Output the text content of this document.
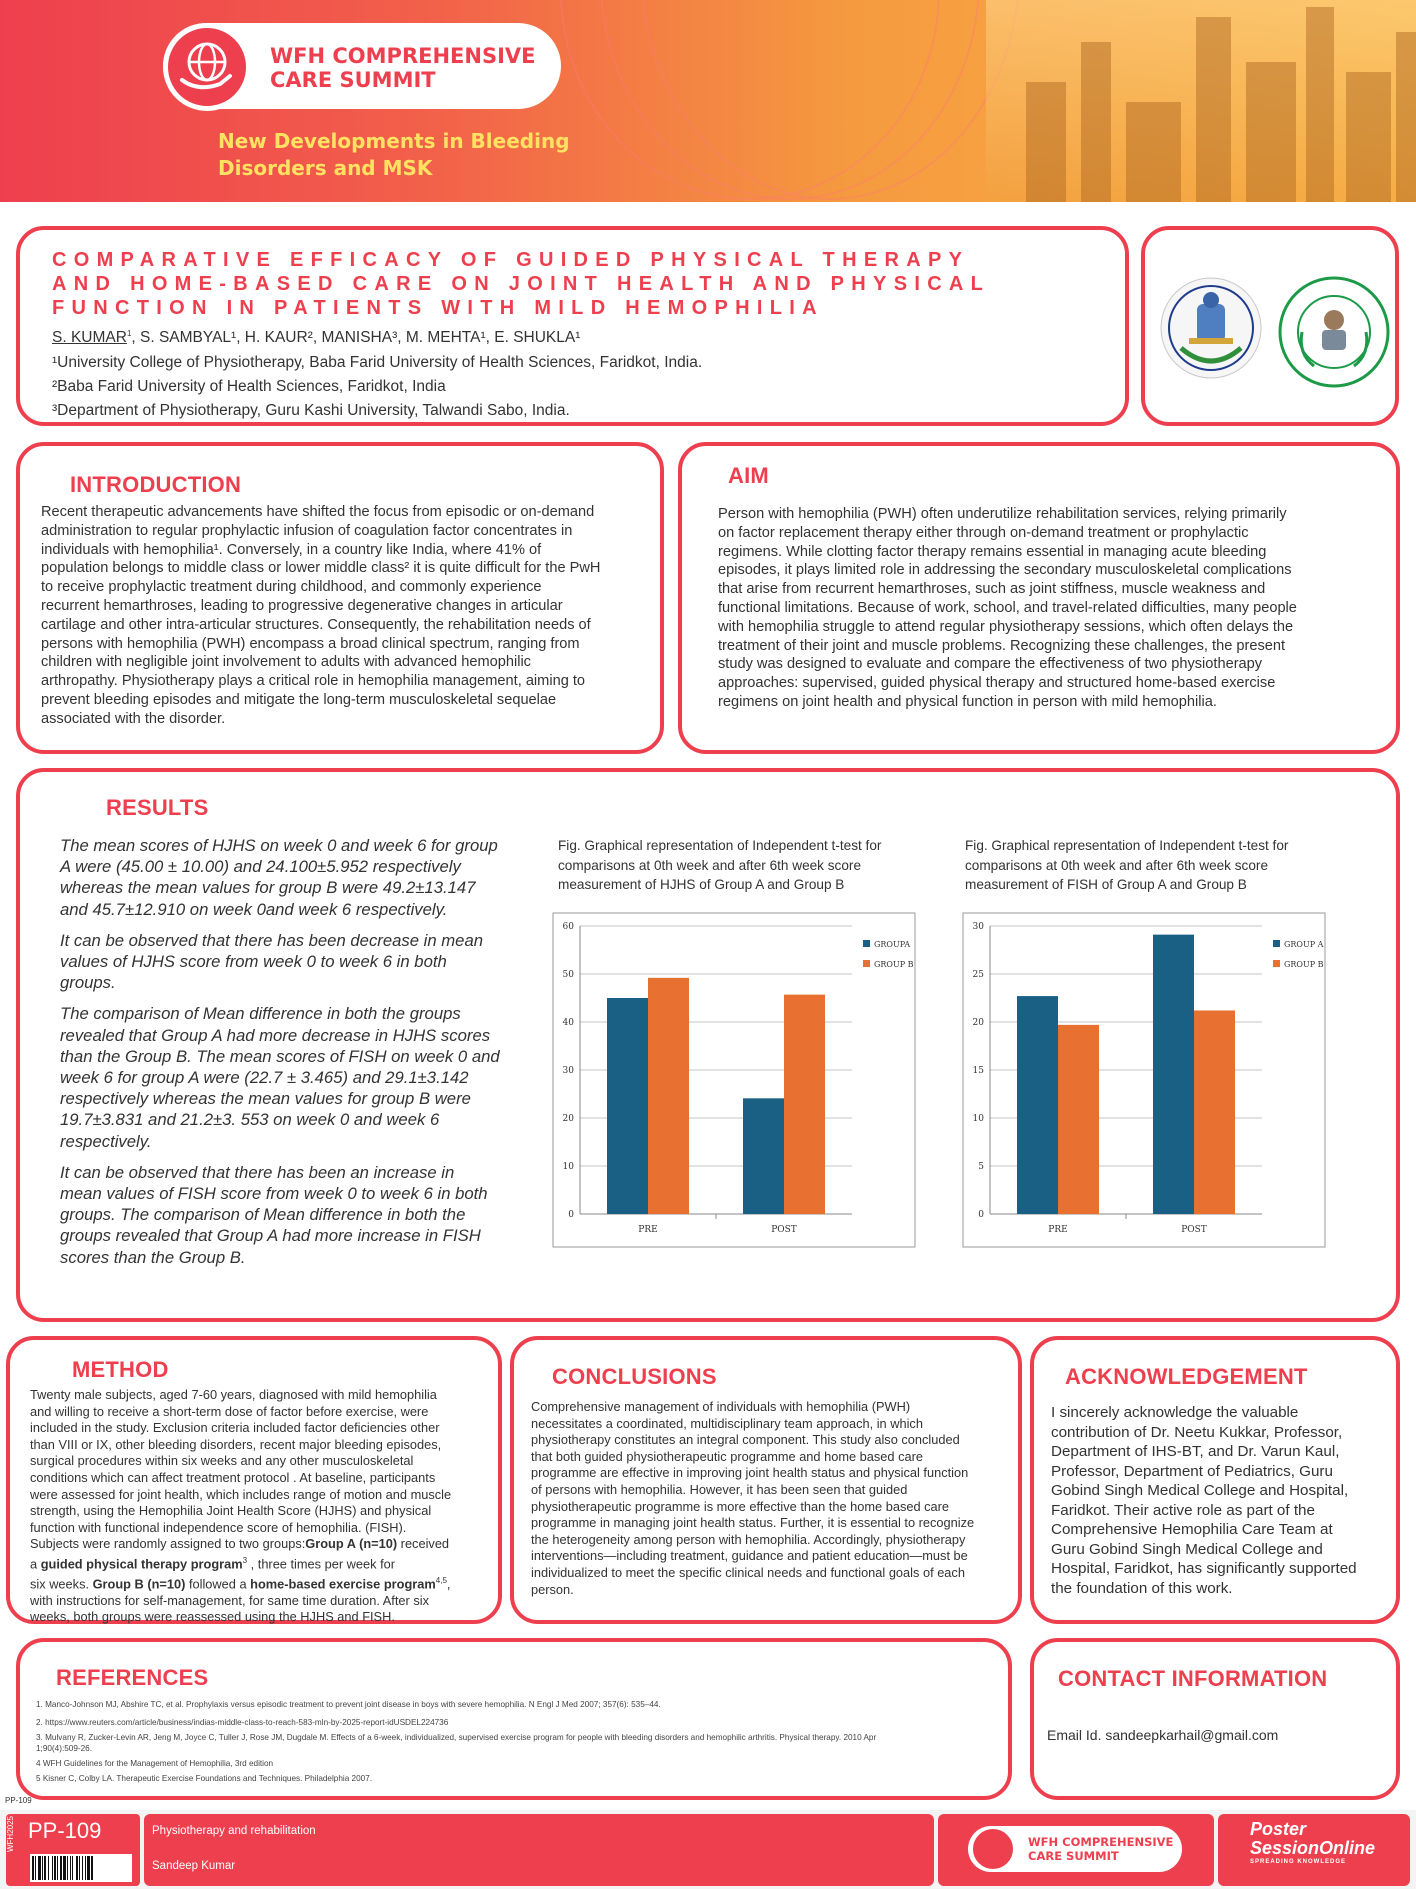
WFH COMPREHENSIVE
CARE SUMMIT
New Developments in Bleeding
Disorders and MSK
COMPARATIVE EFFICACY OF GUIDED PHYSICAL THERAPY
AND HOME-BASED CARE ON JOINT HEALTH AND PHYSICAL
FUNCTION IN PATIENTS WITH MILD HEMOPHILIA
S. KUMAR$^1$, S. SAMBYAL¹, H. KAUR², MANISHA³, M. MEHTA¹, E. SHUKLA¹
¹University College of Physiotherapy, Baba Farid University of Health Sciences, Faridkot, India.
²Baba Farid University of Health Sciences, Faridkot, India
³Department of Physiotherapy, Guru Kashi University, Talwandi Sabo, India.
INTRODUCTION
Recent therapeutic advancements have shifted the focus from episodic or on-demand
administration to regular prophylactic infusion of coagulation factor concentrates in
individuals with hemophilia¹. Conversely, in a country like India, where 41% of
population belongs to middle class or lower middle class² it is quite difficult for the PwH
to receive prophylactic treatment during childhood, and commonly experience
recurrent hemarthroses, leading to progressive degenerative changes in articular
cartilage and other intra-articular structures. Consequently, the rehabilitation needs of
persons with hemophilia (PWH) encompass a broad clinical spectrum, ranging from
children with negligible joint involvement to adults with advanced hemophilic
arthropathy. Physiotherapy plays a critical role in hemophilia management, aiming to
prevent bleeding episodes and mitigate the long-term musculoskeletal sequelae
associated with the disorder.
AIM
Person with hemophilia (PWH) often underutilize rehabilitation services, relying primarily
on factor replacement therapy either through on-demand treatment or prophylactic
regimens. While clotting factor therapy remains essential in managing acute bleeding
episodes, it plays limited role in addressing the secondary musculoskeletal complications
that arise from recurrent hemarthroses, such as joint stiffness, muscle weakness and
functional limitations. Because of work, school, and travel-related difficulties, many people
with hemophilia struggle to attend regular physiotherapy sessions, which often delays the
treatment of their joint and muscle problems. Recognizing these challenges, the present
study was designed to evaluate and compare the effectiveness of two physiotherapy
approaches: supervised, guided physical therapy and structured home-based exercise
regimens on joint health and physical function in person with mild hemophilia.
RESULTS

The mean scores of HJHS on week 0 and week 6 for group A were (45.00 ± 10.00) and 24.100±5.952 respectively whereas the mean values for group B were 49.2±13.147 and 45.7±12.910 on week 0and week 6 respectively.

It can be observed that there has been decrease in mean values of HJHS score from week 0 to week 6 in both groups.

The comparison of Mean difference in both the groups revealed that Group A had more decrease in HJHS scores than the Group B. The mean scores of FISH on week 0 and week 6 for group A were (22.7 ± 3.465) and 29.1±3.142 respectively whereas the mean values for group B were 19.7±3.831 and 21.2±3. 553 on week 0 and week 6 respectively.

It can be observed that there has been an increase in mean values of FISH score from week 0 to week 6 in both groups. The comparison of Mean difference in both the groups revealed that Group A had more increase in FISH scores than the Group B.

Fig. Graphical representation of Independent t-test for comparisons at 0th week and after 6th week score measurement of HJHS of Group A and Group B
Fig. Graphical representation of Independent t-test for comparisons at 0th week and after 6th week score measurement of FISH of Group A and Group B
0
10
20
30
40
50
60
PRE	POST
GROUPA
GROUP B
0
5
10
15
20
25
30
PRE	POST
GROUP A
GROUP B
METHOD
Twenty male subjects, aged 7-60 years, diagnosed with mild hemophilia
and willing to receive a short-term dose of factor before exercise, were
included in the study. Exclusion criteria included factor deficiencies other
than VIII or IX, other bleeding disorders, recent major bleeding episodes,
surgical procedures within six weeks and any other musculoskeletal
conditions which can affect treatment protocol . At baseline, participants
were assessed for joint health, which includes range of motion and muscle
strength, using the Hemophilia Joint Health Score (HJHS) and physical
function with functional independence score of hemophilia. (FISH).
Subjects were randomly assigned to two groups:Group A (n=10) received
a guided physical therapy program$^3$ , three times per week for
six weeks. Group B (n=10) followed a home-based exercise program$^{4,5}$,
with instructions for self-management, for same time duration. After six
weeks, both groups were reassessed using the HJHS and FISH.
CONCLUSIONS
Comprehensive management of individuals with hemophilia (PWH)
necessitates a coordinated, multidisciplinary team approach, in which
physiotherapy constitutes an integral component. This study also concluded
that both guided physiotherapeutic programme and home based care
programme are effective in improving joint health status and physical function
of persons with hemophilia. However, it has been seen that guided
physiotherapeutic programme is more effective than the home based care
programme in managing joint health status. Further, it is essential to recognize
the heterogeneity among person with hemophilia. Accordingly, physiotherapy
interventions—including treatment, guidance and patient education—must be
individualized to meet the specific clinical needs and functional goals of each
person.
ACKNOWLEDGEMENT
I sincerely acknowledge the valuable
contribution of Dr. Neetu Kukkar, Professor,
Department of IHS-BT, and Dr. Varun Kaul,
Professor, Department of Pediatrics, Guru
Gobind Singh Medical College and Hospital,
Faridkot. Their active role as part of the
Comprehensive Hemophilia Care Team at
Guru Gobind Singh Medical College and
Hospital, Faridkot, has significantly supported
the foundation of this work.
REFERENCES
1. Manco-Johnson MJ, Abshire TC, et al. Prophylaxis versus episodic treatment to prevent joint disease in boys with severe hemophilia. N Engl J Med 2007; 357(6): 535–44.
2. https://www.reuters.com/article/business/indias-middle-class-to-reach-583-mln-by-2025-report-idUSDEL224736
3. Mulvany R, Zucker-Levin AR, Jeng M, Joyce C, Tuller J, Rose JM, Dugdale M. Effects of a 6-week, individualized, supervised exercise program for people with bleeding disorders and hemophilic arthritis. Physical therapy. 2010 Apr
1;90(4):509-26.
4 WFH Guidelines for the Management of Hemophilia, 3rd edition
5 Kisner C, Colby LA. Therapeutic Exercise Foundations and Techniques. Philadelphia 2007.
CONTACT INFORMATION
Email Id. sandeepkarhail@gmail.com
PP-109
WFH2025 PP-109	Physiotherapy and rehabilitation
Sandeep Kumar
WFH COMPREHENSIVE
CARE SUMMIT
Poster
SessionOnline
SPREADING KNOWLEDGE
